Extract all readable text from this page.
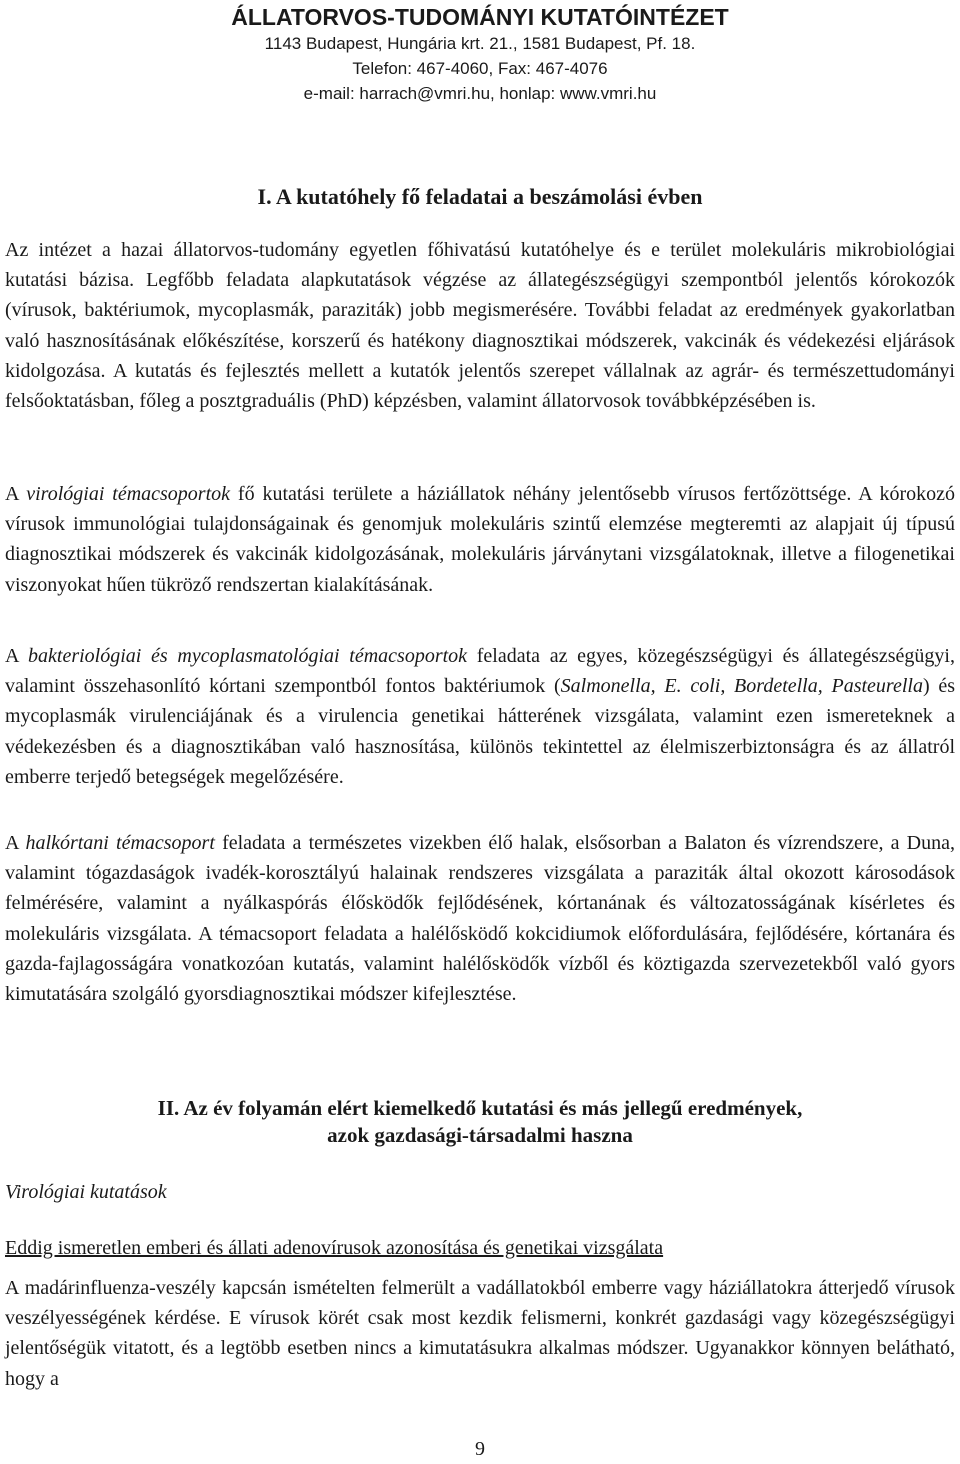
ÁLLATORVOS-TUDOMÁNYI KUTATÓINTÉZET
1143 Budapest, Hungária krt. 21., 1581 Budapest, Pf. 18.
Telefon: 467-4060, Fax: 467-4076
e-mail: harrach@vmri.hu, honlap: www.vmri.hu
I. A kutatóhely fő feladatai a beszámolási évben

Az intézet a hazai állatorvos-tudomány egyetlen főhivatású kutatóhelye és e terület molekuláris mikrobiológiai kutatási bázisa. Legfőbb feladata alapkutatások végzése az állategészségügyi szempontból jelentős kórokozók (vírusok, baktériumok, mycoplasmák, paraziták) jobb megismerésére. További feladat az eredmények gyakorlatban való hasznosításának előkészítése, korszerű és hatékony diagnosztikai módszerek, vakcinák és védekezési eljárások kidolgozása. A kutatás és fejlesztés mellett a kutatók jelentős szerepet vállalnak az agrár- és természettudományi felsőoktatásban, főleg a posztgraduális (PhD) képzésben, valamint állatorvosok továbbképzésében is.

A virológiai témacsoportok fő kutatási területe a háziállatok néhány jelentősebb vírusos fertőzöttsége. A kórokozó vírusok immunológiai tulajdonságainak és genomjuk molekuláris szintű elemzése megteremti az alapjait új típusú diagnosztikai módszerek és vakcinák kidolgozásának, molekuláris járványtani vizsgálatoknak, illetve a filogenetikai viszonyokat hűen tükröző rendszertan kialakításának.

A bakteriológiai és mycoplasmatológiai témacsoportok feladata az egyes, közegészségügyi és állategészségügyi, valamint összehasonlító kórtani szempontból fontos baktériumok (Salmonella, E. coli, Bordetella, Pasteurella) és mycoplasmák virulenciájának és a virulencia genetikai hátterének vizsgálata, valamint ezen ismereteknek a védekezésben és a diagnosztikában való hasznosítása, különös tekintettel az élelmiszerbiztonságra és az állatról emberre terjedő betegségek megelőzésére.

A halkórtani témacsoport feladata a természetes vizekben élő halak, elsősorban a Balaton és vízrendszere, a Duna, valamint tógazdaságok ivadék-korosztályú halainak rendszeres vizsgálata a paraziták által okozott károsodások felmérésére, valamint a nyálkaspórás élősködők fejlődésének, kórtanának és változatosságának kísérletes és molekuláris vizsgálata. A témacsoport feladata a halélősködő kokcidiumok előfordulására, fejlődésére, kórtanára és gazda-fajlagosságára vonatkozóan kutatás, valamint halélősködők vízből és köztigazda szervezetekből való gyors kimutatására szolgáló gyorsdiagnosztikai módszer kifejlesztése.

II. Az év folyamán elért kiemelkedő kutatási és más jellegű eredmények,
azok gazdasági-társadalmi haszna
Virológiai kutatások
Eddig ismeretlen emberi és állati adenovírusok azonosítása és genetikai vizsgálata

A madárinfluenza-veszély kapcsán ismételten felmerült a vadállatokból emberre vagy háziállatokra átterjedő vírusok veszélyességének kérdése. E vírusok körét csak most kezdik felismerni, konkrét gazdasági vagy közegészségügyi jelentőségük vitatott, és a legtöbb esetben nincs a kimutatásukra alkalmas módszer. Ugyanakkor könnyen belátható, hogy a

9
